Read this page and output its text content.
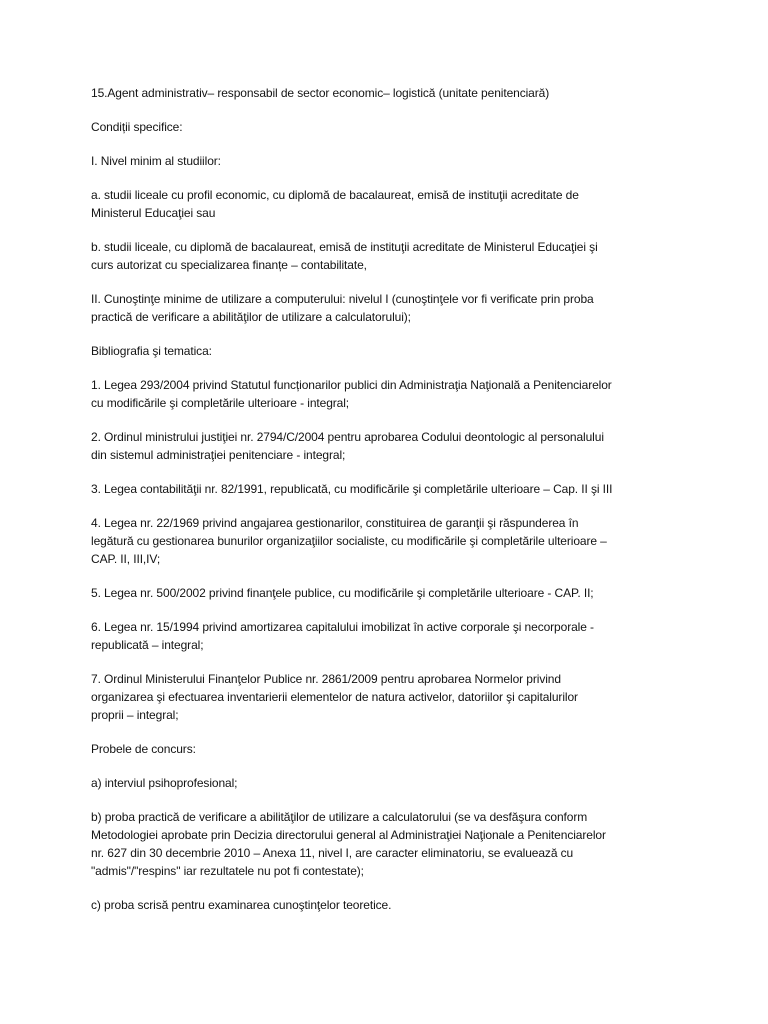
15.Agent administrativ– responsabil de sector economic– logistică (unitate penitenciară)

Condiții specifice:

I. Nivel minim al studiilor:

a. studii liceale cu profil economic, cu diplomă de bacalaureat, emisă de instituţii acreditate de
Ministerul Educaţiei sau

b. studii liceale, cu diplomă de bacalaureat, emisă de instituţii acreditate de Ministerul Educaţiei şi
curs autorizat cu specializarea finanțe – contabilitate,

II. Cunoştinţe minime de utilizare a computerului: nivelul I (cunoştinţele vor fi verificate prin proba
practică de verificare a abilităţilor de utilizare a calculatorului);

Bibliografia şi tematica:

1. Legea 293/2004 privind Statutul funcționarilor publici din Administraţia Naţională a Penitenciarelor
cu modificările şi completările ulterioare - integral;

2. Ordinul ministrului justiţiei nr. 2794/C/2004 pentru aprobarea Codului deontologic al personalului
din sistemul administraţiei penitenciare - integral;

3. Legea contabilităţii nr. 82/1991, republicată, cu modificările şi completările ulterioare – Cap. II şi III

4. Legea nr. 22/1969 privind angajarea gestionarilor, constituirea de garanţii şi răspunderea în
legătură cu gestionarea bunurilor organizaţiilor socialiste, cu modificările şi completările ulterioare –
CAP. II, III,IV;

5. Legea nr. 500/2002 privind finanţele publice, cu modificările şi completările ulterioare - CAP. II;

6. Legea nr. 15/1994 privind amortizarea capitalului imobilizat în active corporale şi necorporale -
republicată – integral;

7. Ordinul Ministerului Finanţelor Publice nr. 2861/2009 pentru aprobarea Normelor privind
organizarea şi efectuarea inventarierii elementelor de natura activelor, datoriilor şi capitalurilor
proprii – integral;

Probele de concurs:

a) interviul psihoprofesional;

b) proba practică de verificare a abilităţilor de utilizare a calculatorului (se va desfăşura conform
Metodologiei aprobate prin Decizia directorului general al Administraţiei Naţionale a Penitenciarelor
nr. 627 din 30 decembrie 2010 – Anexa 11, nivel I, are caracter eliminatoriu, se evaluează cu
"admis"/"respins" iar rezultatele nu pot fi contestate);

c) proba scrisă pentru examinarea cunoştinţelor teoretice.
